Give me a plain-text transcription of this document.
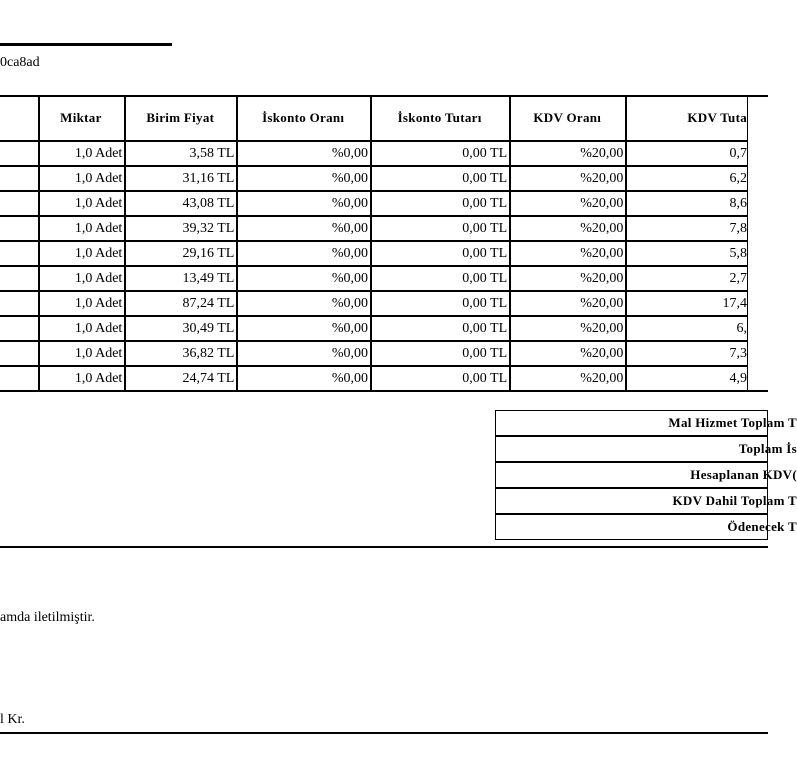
0ca8ad
	Miktar	Birim Fiyat	İskonto Oranı	İskonto Tutarı	KDV Oranı	KDV Tuta
	1,0 Adet	3,58 TL	%0,00	0,00 TL	%20,00	0,7
	1,0 Adet	31,16 TL	%0,00	0,00 TL	%20,00	6,2
	1,0 Adet	43,08 TL	%0,00	0,00 TL	%20,00	8,6
	1,0 Adet	39,32 TL	%0,00	0,00 TL	%20,00	7,8
	1,0 Adet	29,16 TL	%0,00	0,00 TL	%20,00	5,8
	1,0 Adet	13,49 TL	%0,00	0,00 TL	%20,00	2,7
	1,0 Adet	87,24 TL	%0,00	0,00 TL	%20,00	17,4
	1,0 Adet	30,49 TL	%0,00	0,00 TL	%20,00	6,
	1,0 Adet	36,82 TL	%0,00	0,00 TL	%20,00	7,3
	1,0 Adet	24,74 TL	%0,00	0,00 TL	%20,00	4,9
Mal Hizmet Toplam T
Toplam İs
Hesaplanan KDV(
KDV Dahil Toplam T
Ödenecek T
amda iletilmiştir.
l Kr.
